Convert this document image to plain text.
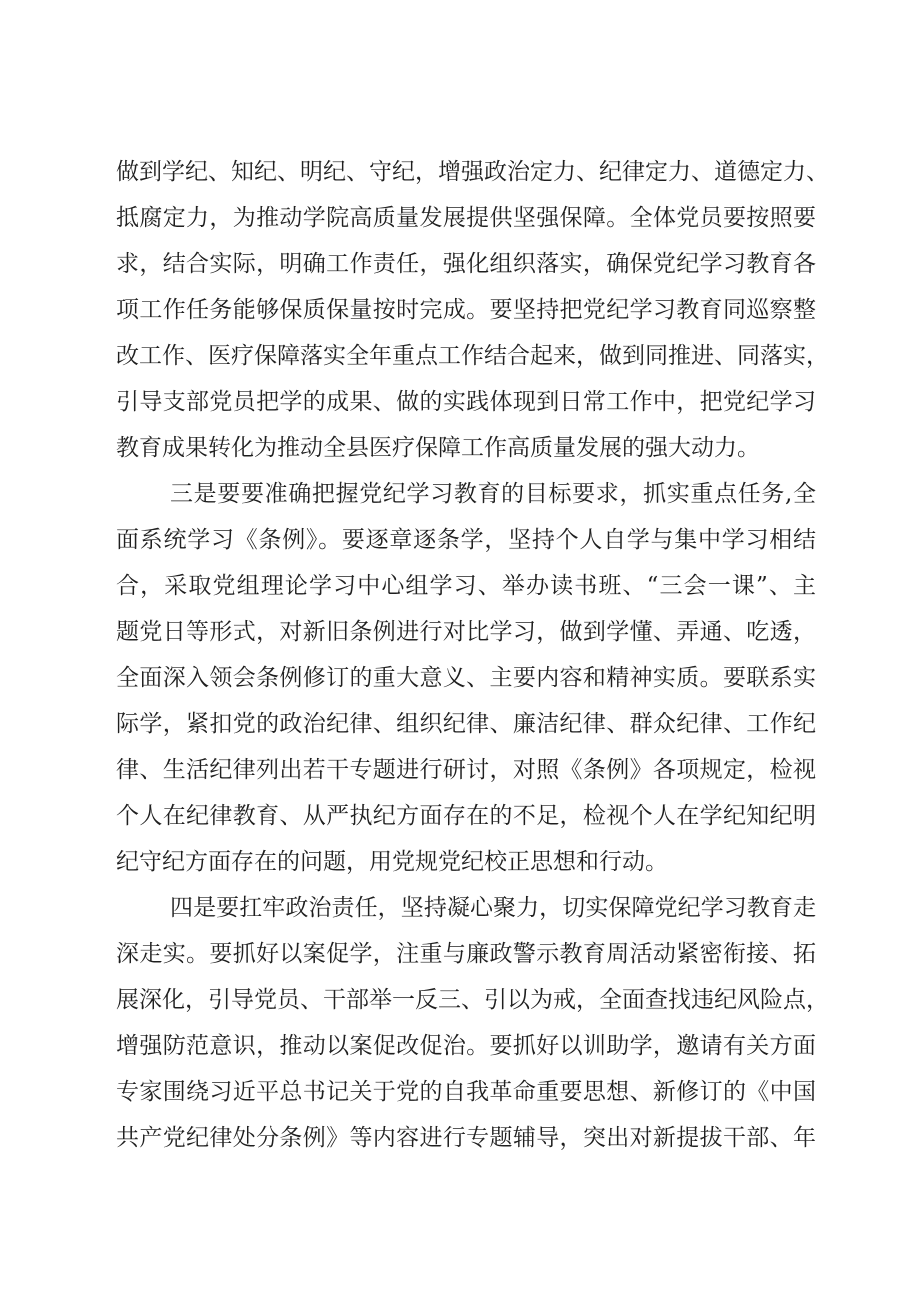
做到学纪、知纪、明纪、守纪，增强政治定力、纪律定力、道德定力、
抵腐定力，为推动学院高质量发展提供坚强保障。全体党员要按照要
求，结合实际，明确工作责任，强化组织落实，确保党纪学习教育各
项工作任务能够保质保量按时完成。要坚持把党纪学习教育同巡察整
改工作、医疗保障落实全年重点工作结合起来，做到同推进、同落实，
引导支部党员把学的成果、做的实践体现到日常工作中，把党纪学习
教育成果转化为推动全县医疗保障工作高质量发展的强大动力。
三是要要准确把握党纪学习教育的目标要求，抓实重点任务,全
面系统学习《条例》。要逐章逐条学，坚持个人自学与集中学习相结
合，采取党组理论学习中心组学习、举办读书班、“三会一课”、主
题党日等形式，对新旧条例进行对比学习，做到学懂、弄通、吃透，
全面深入领会条例修订的重大意义、主要内容和精神实质。要联系实
际学，紧扣党的政治纪律、组织纪律、廉洁纪律、群众纪律、工作纪
律、生活纪律列出若干专题进行研讨，对照《条例》各项规定，检视
个人在纪律教育、从严执纪方面存在的不足，检视个人在学纪知纪明
纪守纪方面存在的问题，用党规党纪校正思想和行动。
四是要扛牢政治责任，坚持凝心聚力，切实保障党纪学习教育走
深走实。要抓好以案促学，注重与廉政警示教育周活动紧密衔接、拓
展深化，引导党员、干部举一反三、引以为戒，全面查找违纪风险点，
增强防范意识，推动以案促改促治。要抓好以训助学，邀请有关方面
专家围绕习近平总书记关于党的自我革命重要思想、新修订的《中国
共产党纪律处分条例》等内容进行专题辅导，突出对新提拔干部、年
